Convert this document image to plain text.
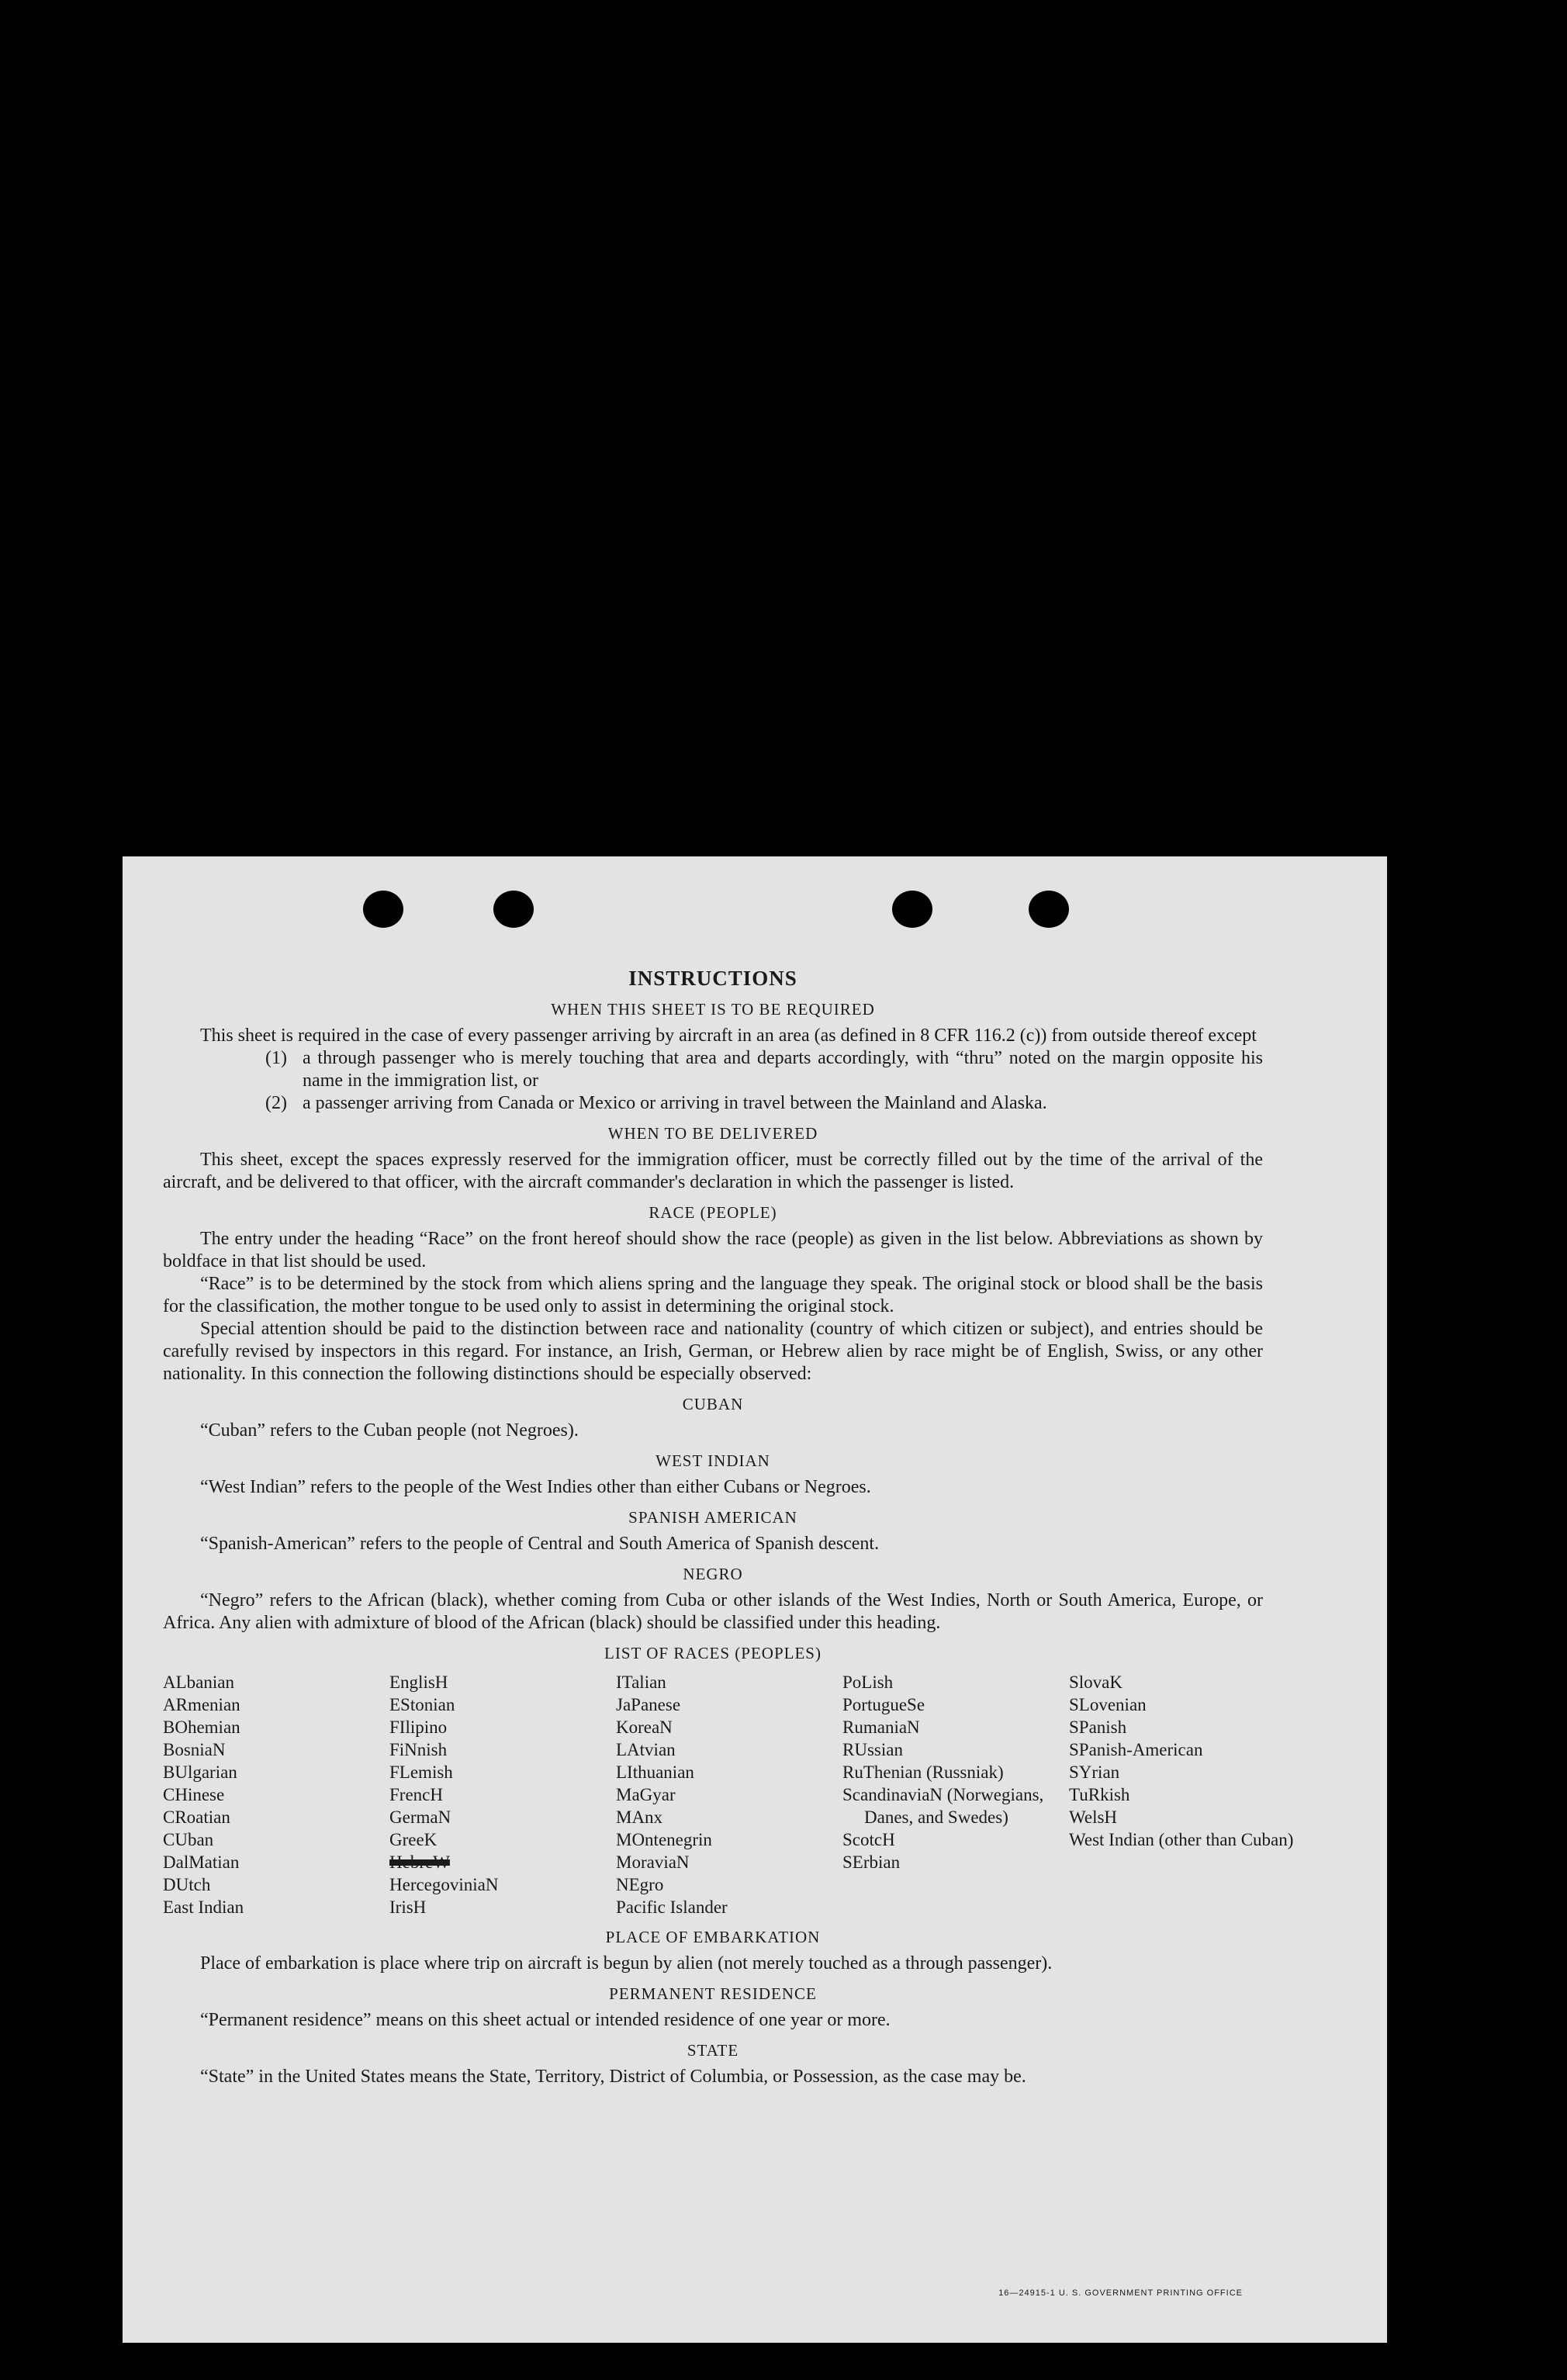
INSTRUCTIONS
WHEN THIS SHEET IS TO BE REQUIRED

This sheet is required in the case of every passenger arriving by aircraft in an area (as defined in 8 CFR 116.2 (c)) from outside thereof except

(1) a through passenger who is merely touching that area and departs accordingly, with “thru” noted on the margin opposite his name in the immigration list, or
(2) a passenger arriving from Canada or Mexico or arriving in travel between the Mainland and Alaska.
WHEN TO BE DELIVERED

This sheet, except the spaces expressly reserved for the immigration officer, must be correctly filled out by the time of the arrival of the aircraft, and be delivered to that officer, with the aircraft commander's declaration in which the passenger is listed.

RACE (PEOPLE)

The entry under the heading “Race” on the front hereof should show the race (people) as given in the list below. Abbreviations as shown by boldface in that list should be used.

“Race” is to be determined by the stock from which aliens spring and the language they speak. The original stock or blood shall be the basis for the classification, the mother tongue to be used only to assist in determining the original stock.

Special attention should be paid to the distinction between race and nationality (country of which citizen or subject), and entries should be carefully revised by inspectors in this regard. For instance, an Irish, German, or Hebrew alien by race might be of English, Swiss, or any other nationality. In this connection the following distinctions should be especially observed:

CUBAN

“Cuban” refers to the Cuban people (not Negroes).

WEST INDIAN

“West Indian” refers to the people of the West Indies other than either Cubans or Negroes.

SPANISH AMERICAN

“Spanish-American” refers to the people of Central and South America of Spanish descent.

NEGRO

“Negro” refers to the African (black), whether coming from Cuba or other islands of the West Indies, North or South America, Europe, or Africa. Any alien with admixture of blood of the African (black) should be classified under this heading.

LIST OF RACES (PEOPLES)
ALbanian
ARmenian
BOhemian
BosniaN
BUlgarian
CHinese
CRoatian
CUban
DalMatian
DUtch
East Indian
EnglisH
EStonian
FIlipino
FiNnish
FLemish
FrencH
GermaN
GreeK
HebreW
HercegoviniaN
IrisH
ITalian
JaPanese
KoreaN
LAtvian
LIthuanian
MaGyar
MAnx
MOntenegrin
MoraviaN
NEgro
Pacific Islander
PoLish
PortugueSe
RumaniaN
RUssian
RuThenian (Russniak)
ScandinaviaN (Norwegians, Danes, and Swedes)
ScotcH
SErbian
SlovaK
SLovenian
SPanish
SPanish-American
SYrian
TuRkish
WelsH
West Indian (other than Cuban)
PLACE OF EMBARKATION

Place of embarkation is place where trip on aircraft is begun by alien (not merely touched as a through passenger).

PERMANENT RESIDENCE

“Permanent residence” means on this sheet actual or intended residence of one year or more.

STATE

“State” in the United States means the State, Territory, District of Columbia, or Possession, as the case may be.

16—24915-1 U. S. GOVERNMENT PRINTING OFFICE
